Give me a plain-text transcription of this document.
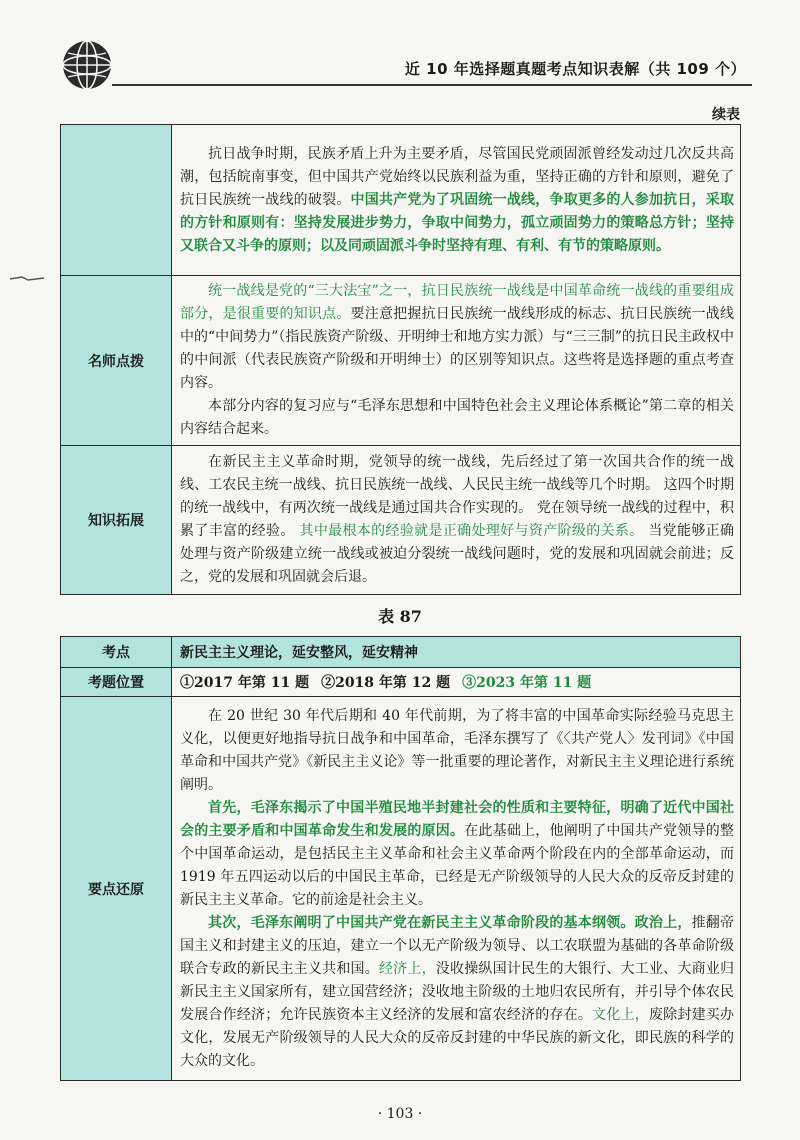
近 10 年选择题真题考点知识表解（共 109 个）
续表

	抗日战争时期，民族矛盾上升为主要矛盾，尽管国民党顽固派曾经发动过几次反共高潮，包括皖南事变，但中国共产党始终以民族利益为重，坚持正确的方针和原则，避免了抗日民族统一战线的破裂。中国共产党为了巩固统一战线，争取更多的人参加抗日，采取的方针和原则有：坚持发展进步势力，争取中间势力，孤立顽固势力的策略总方针；坚持又联合又斗争的原则；以及同顽固派斗争时坚持有理、有利、有节的策略原则。

名师点拨	统一战线是党的“三大法宝”之一，抗日民族统一战线是中国革命统一战线的重要组成部分，是很重要的知识点。要注意把握抗日民族统一战线形成的标志、抗日民族统一战线中的“中间势力”（指民族资产阶级、开明绅士和地方实力派）与“三三制”的抗日民主政权中的中间派（代表民族资产阶级和开明绅士）的区别等知识点。这些将是选择题的重点考查内容。

本部分内容的复习应与“毛泽东思想和中国特色社会主义理论体系概论”第二章的相关内容结合起来。

知识拓展	在新民主主义革命时期，党领导的统一战线，先后经过了第一次国共合作的统一战线、工农民主统一战线、抗日民族统一战线、人民民主统一战线等几个时期。 这四个时期的统一战线中，有两次统一战线是通过国共合作实现的。 党在领导统一战线的过程中，积累了丰富的经验。 其中最根本的经验就是正确处理好与资产阶级的关系。 当党能够正确处理与资产阶级建立统一战线或被迫分裂统一战线问题时，党的发展和巩固就会前进；反之，党的发展和巩固就会后退。

表 87
考点	新民主主义理论，延安整风，延安精神
考题位置	①2017 年第 11 题 ②2018 年第 12 题 ③2023 年第 11 题
要点还原	在 20 世纪 30 年代后期和 40 年代前期，为了将丰富的中国革命实际经验马克思主义化，以便更好地指导抗日战争和中国革命，毛泽东撰写了《〈共产党人〉发刊词》《中国革命和中国共产党》《新民主主义论》等一批重要的理论著作，对新民主主义理论进行系统阐明。

首先，毛泽东揭示了中国半殖民地半封建社会的性质和主要特征，明确了近代中国社会的主要矛盾和中国革命发生和发展的原因。在此基础上，他阐明了中国共产党领导的整个中国革命运动，是包括民主主义革命和社会主义革命两个阶段在内的全部革命运动，而 1919 年五四运动以后的中国民主革命，已经是无产阶级领导的人民大众的反帝反封建的新民主主义革命。它的前途是社会主义。

其次，毛泽东阐明了中国共产党在新民主主义革命阶段的基本纲领。政治上，推翻帝国主义和封建主义的压迫，建立一个以无产阶级为领导、以工农联盟为基础的各革命阶级联合专政的新民主主义共和国。经济上，没收操纵国计民生的大银行、大工业、大商业归新民主主义国家所有，建立国营经济；没收地主阶级的土地归农民所有，并引导个体农民发展合作经济；允许民族资本主义经济的发展和富农经济的存在。文化上，废除封建买办文化，发展无产阶级领导的人民大众的反帝反封建的中华民族的新文化，即民族的科学的大众的文化。

· 103 ·
